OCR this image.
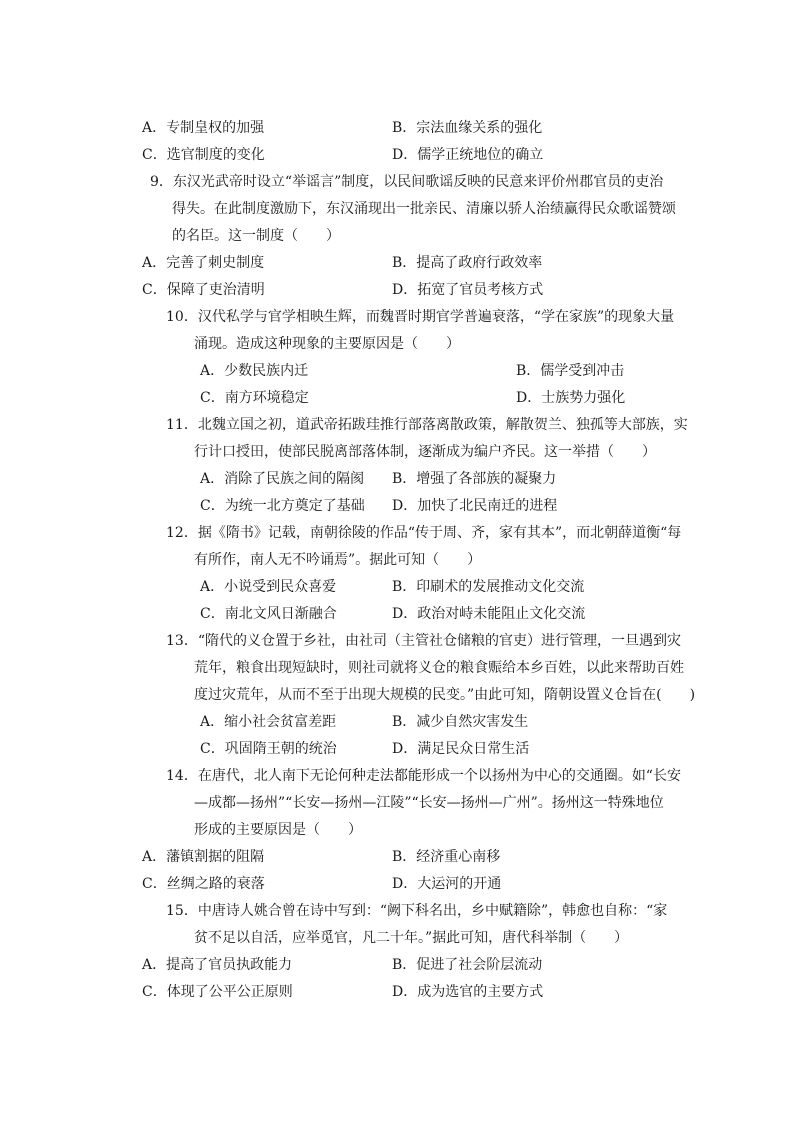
A．专制皇权的加强	B．宗法血缘关系的强化
C．选官制度的变化	D．儒学正统地位的确立
9．东汉光武帝时设立“举谣言”制度，以民间歌谣反映的民意来评价州郡官员的吏治
得失。在此制度激励下，东汉涌现出一批亲民、清廉以骄人治绩赢得民众歌谣赞颂
的名臣。这一制度（　　）
A．完善了刺史制度	B．提高了政府行政效率
C．保障了吏治清明	D．拓宽了官员考核方式
10．汉代私学与官学相映生辉，而魏晋时期官学普遍衰落，“学在家族”的现象大量
涌现。造成这种现象的主要原因是（　　）
A．少数民族内迁	B．儒学受到冲击
C．南方环境稳定	D．士族势力强化
11．北魏立国之初，道武帝拓跋珪推行部落离散政策，解散贺兰、独孤等大部族，实
行计口授田，使部民脱离部落体制，逐渐成为编户齐民。这一举措（　　）
A．消除了民族之间的隔阂 B．增强了各部族的凝聚力
C．为统一北方奠定了基础 D．加快了北民南迁的进程
12．据《隋书》记载，南朝徐陵的作品“传于周、齐，家有其本”，而北朝薛道衡“每
有所作，南人无不吟诵焉”。据此可知（　　）
A．小说受到民众喜爱	B．印刷术的发展推动文化交流
C．南北文风日渐融合	D．政治对峙未能阻止文化交流
13．“隋代的义仓置于乡社，由社司（主管社仓储粮的官吏）进行管理，一旦遇到灾
荒年，粮食出现短缺时，则社司就将义仓的粮食赈给本乡百姓，以此来帮助百姓
度过灾荒年，从而不至于出现大规模的民变。”由此可知，隋朝设置义仓旨在(　　)
A．缩小社会贫富差距	B．减少自然灾害发生
C．巩固隋王朝的统治	D．满足民众日常生活
14．在唐代，北人南下无论何种走法都能形成一个以扬州为中心的交通圈。如“长安
—成都—扬州”“长安—扬州—江陵”“长安—扬州—广州”。扬州这一特殊地位
形成的主要原因是（　　）
A．藩镇割据的阻隔	B．经济重心南移
C．丝绸之路的衰落	D．大运河的开通
15．中唐诗人姚合曾在诗中写到：“阙下科名出，乡中赋籍除”，韩愈也自称：“家
贫不足以自活，应举觅官，凡二十年。”据此可知，唐代科举制（　　）
A．提高了官员执政能力	B．促进了社会阶层流动
C．体现了公平公正原则	D．成为选官的主要方式
